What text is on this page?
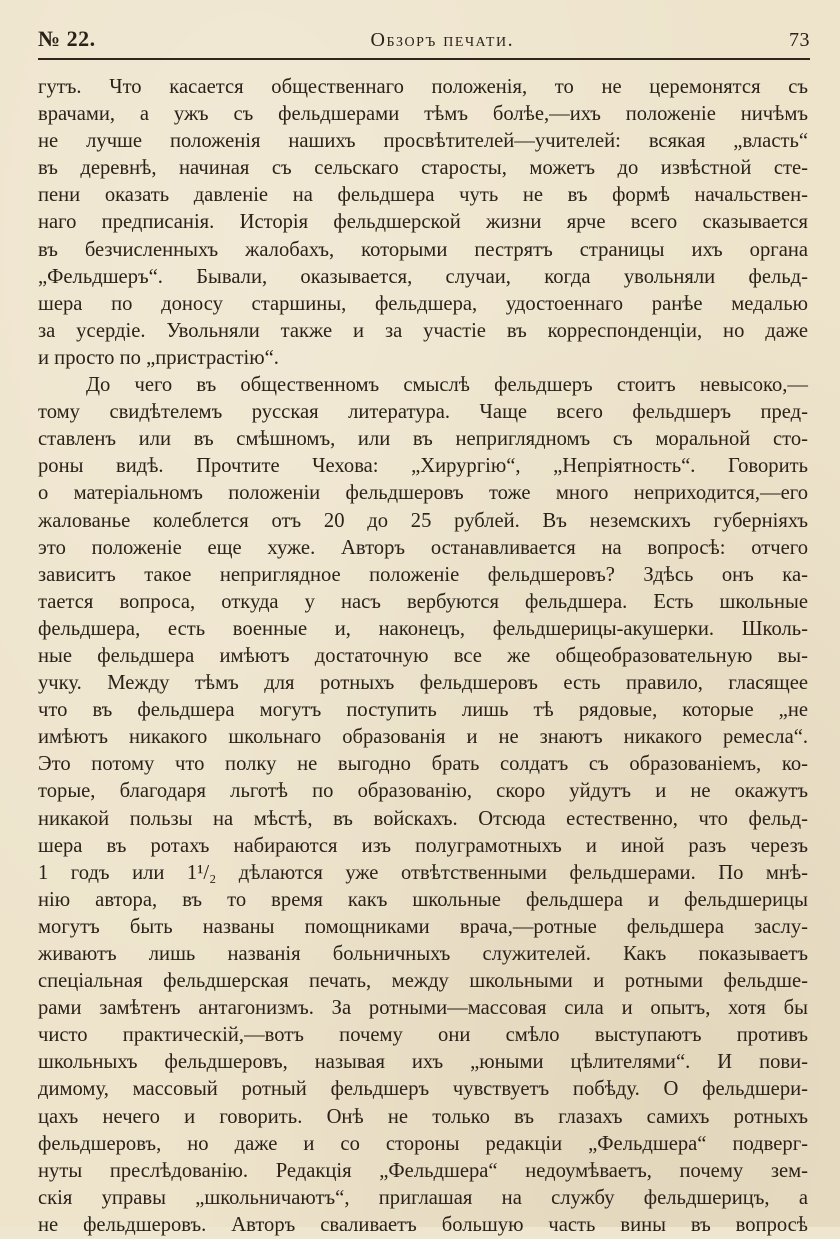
№ 22.	Обзоръ печати.	73
гутъ. Что касается общественнаго положенія, то не церемонятся съ
врачами, а ужъ съ фельдшерами тѣмъ болѣе,—ихъ положеніе ничѣмъ
не лучше положенія нашихъ просвѣтителей—учителей: всякая „власть“
въ деревнѣ, начиная съ сельскаго старосты, можетъ до извѣстной сте-
пени оказать давленіе на фельдшера чуть не въ формѣ начальствен-
наго предписанія. Исторія фельдшерской жизни ярче всего сказывается
въ безчисленныхъ жалобахъ, которыми пестрятъ страницы ихъ органа
„Фельдшеръ“. Бывали, оказывается, случаи, когда увольняли фельд-
шера по доносу старшины, фельдшера, удостоеннаго ранѣе медалью
за усердіе. Увольняли также и за участіе въ корреспонденціи, но даже
и просто по „пристрастію“.
До чего въ общественномъ смыслѣ фельдшеръ стоитъ невысоко,—
тому свидѣтелемъ русская литература. Чаще всего фельдшеръ пред-
ставленъ или въ смѣшномъ, или въ неприглядномъ съ моральной сто-
роны видѣ. Прочтите Чехова: „Хирургію“, „Непріятность“. Говорить
о матеріальномъ положеніи фельдшеровъ тоже много неприходится,—его
жалованье колеблется отъ 20 до 25 рублей. Въ неземскихъ губерніяхъ
это положеніе еще хуже. Авторъ останавливается на вопросѣ: отчего
зависитъ такое неприглядное положеніе фельдшеровъ? Здѣсь онъ ка-
тается вопроса, откуда у насъ вербуются фельдшера. Есть школьные
фельдшера, есть военные и, наконецъ, фельдшерицы-акушерки. Школь-
ные фельдшера имѣютъ достаточную все же общеобразовательную вы-
учку. Между тѣмъ для ротныхъ фельдшеровъ есть правило, гласящее
что въ фельдшера могутъ поступить лишь тѣ рядовые, которые „не
имѣютъ никакого школьнаго образованія и не знаютъ никакого ремесла“.
Это потому что полку не выгодно брать солдатъ съ образованіемъ, ко-
торые, благодаря льготѣ по образованію, скоро уйдутъ и не окажутъ
никакой пользы на мѣстѣ, въ войскахъ. Отсюда естественно, что фельд-
шера въ ротахъ набираются изъ полуграмотныхъ и иной разъ черезъ
1 годъ или 1¹/₂ дѣлаются уже отвѣтственными фельдшерами. По мнѣ-
нію автора, въ то время какъ школьные фельдшера и фельдшерицы
могутъ быть названы помощниками врача,—ротные фельдшера заслу-
живаютъ лишь названія больничныхъ служителей. Какъ показываетъ
спеціальная фельдшерская печать, между школьными и ротными фельдше-
рами замѣтенъ антагонизмъ. За ротными—массовая сила и опытъ, хотя бы
чисто практическій,—вотъ почему они смѣло выступаютъ противъ
школьныхъ фельдшеровъ, называя ихъ „юными цѣлителями“. И пови-
димому, массовый ротный фельдшеръ чувствуетъ побѣду. О фельдшери-
цахъ нечего и говорить. Онѣ не только въ глазахъ самихъ ротныхъ
фельдшеровъ, но даже и со стороны редакціи „Фельдшера“ подверг-
нуты преслѣдованію. Редакція „Фельдшера“ недоумѣваетъ, почему зем-
скія управы „школьничаютъ“, приглашая на службу фельдшерицъ, а
не фельдшеровъ. Авторъ сваливаетъ большую часть вины въ вопросѣ
